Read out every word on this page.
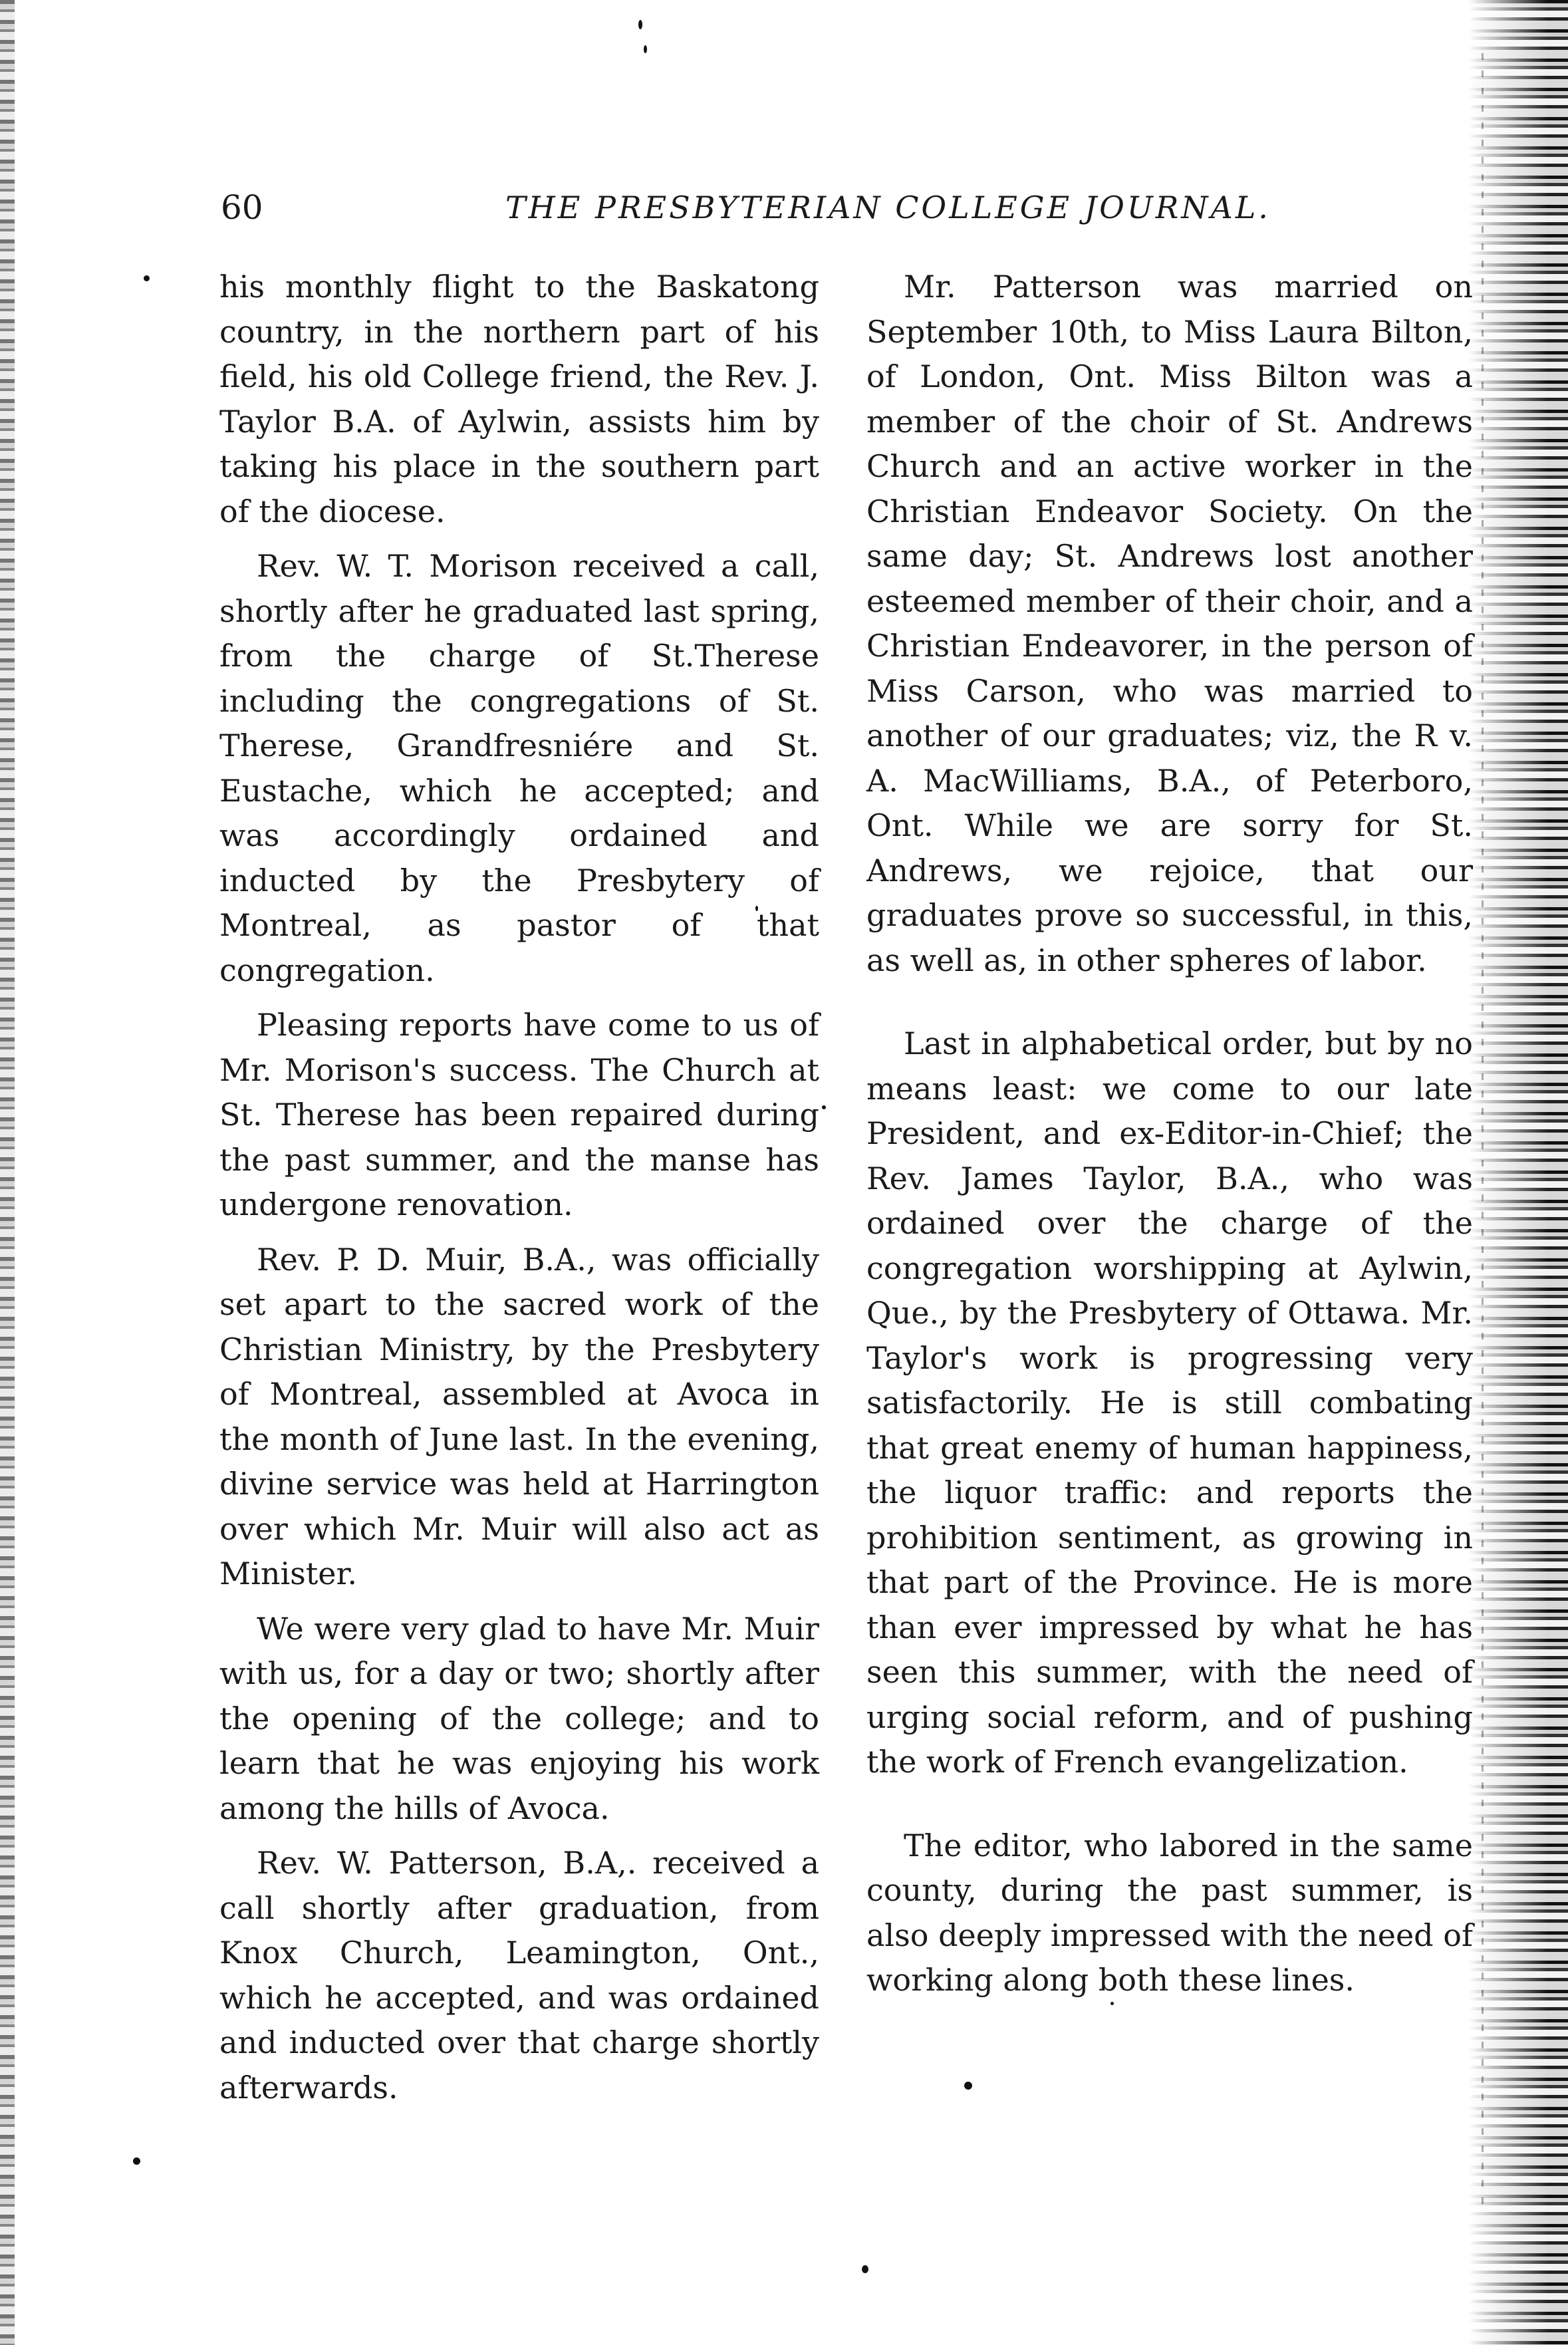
60	THE PRESBYTERIAN COLLEGE JOURNAL.

his monthly flight to the Baskatong country, in the northern part of his field, his old College friend, the Rev. J. Taylor B.A. of Aylwin, assists him by taking his place in the southern part of the diocese.

Rev. W. T. Morison received a call, shortly after he graduated last spring, from the charge of St.Therese including the congregations of St. Therese, Grandfresniére and St. Eustache, which he accepted; and was accordingly ordained and inducted by the Presbytery of Montreal, as pastor of that congregation.

Pleasing reports have come to us of Mr. Morison's success. The Church at St. Therese has been repaired during the past summer, and the manse has undergone renovation.

Rev. P. D. Muir, B.A., was officially set apart to the sacred work of the Christian Ministry, by the Presbytery of Montreal, assembled at Avoca in the month of June last. In the evening, divine service was held at Harrington over which Mr. Muir will also act as Minister.

We were very glad to have Mr. Muir with us, for a day or two; shortly after the opening of the college; and to learn that he was enjoying his work among the hills of Avoca.

Rev. W. Patterson, B.A,. received a call shortly after graduation, from Knox Church, Leamington, Ont., which he accepted, and was ordained and inducted over that charge shortly afterwards.

Mr. Patterson was married on September 10th, to Miss Laura Bilton, of London, Ont. Miss Bilton was a member of the choir of St. Andrews Church and an active worker in the Christian Endeavor Society. On the same day; St. Andrews lost another esteemed member of their choir, and a Christian Endeavorer, in the person of Miss Carson, who was married to another of our graduates; viz, the R v. A. MacWilliams, B.A., of Peterboro, Ont. While we are sorry for St. Andrews, we rejoice, that our graduates prove so successful, in this, as well as, in other spheres of labor.

Last in alphabetical order, but by no means least: we come to our late President, and ex-Editor-in-Chief; the Rev. James Taylor, B.A., who was ordained over the charge of the congregation worshipping at Aylwin, Que., by the Presbytery of Ottawa. Mr. Taylor's work is progressing very satisfactorily. He is still combating that great enemy of human happiness, the liquor traffic: and reports the prohibition sentiment, as growing in that part of the Province. He is more than ever impressed by what he has seen this summer, with the need of urging social reform, and of pushing the work of French evangelization.

The editor, who labored in the same county, during the past summer, is also deeply impressed with the need of working along both these lines.
